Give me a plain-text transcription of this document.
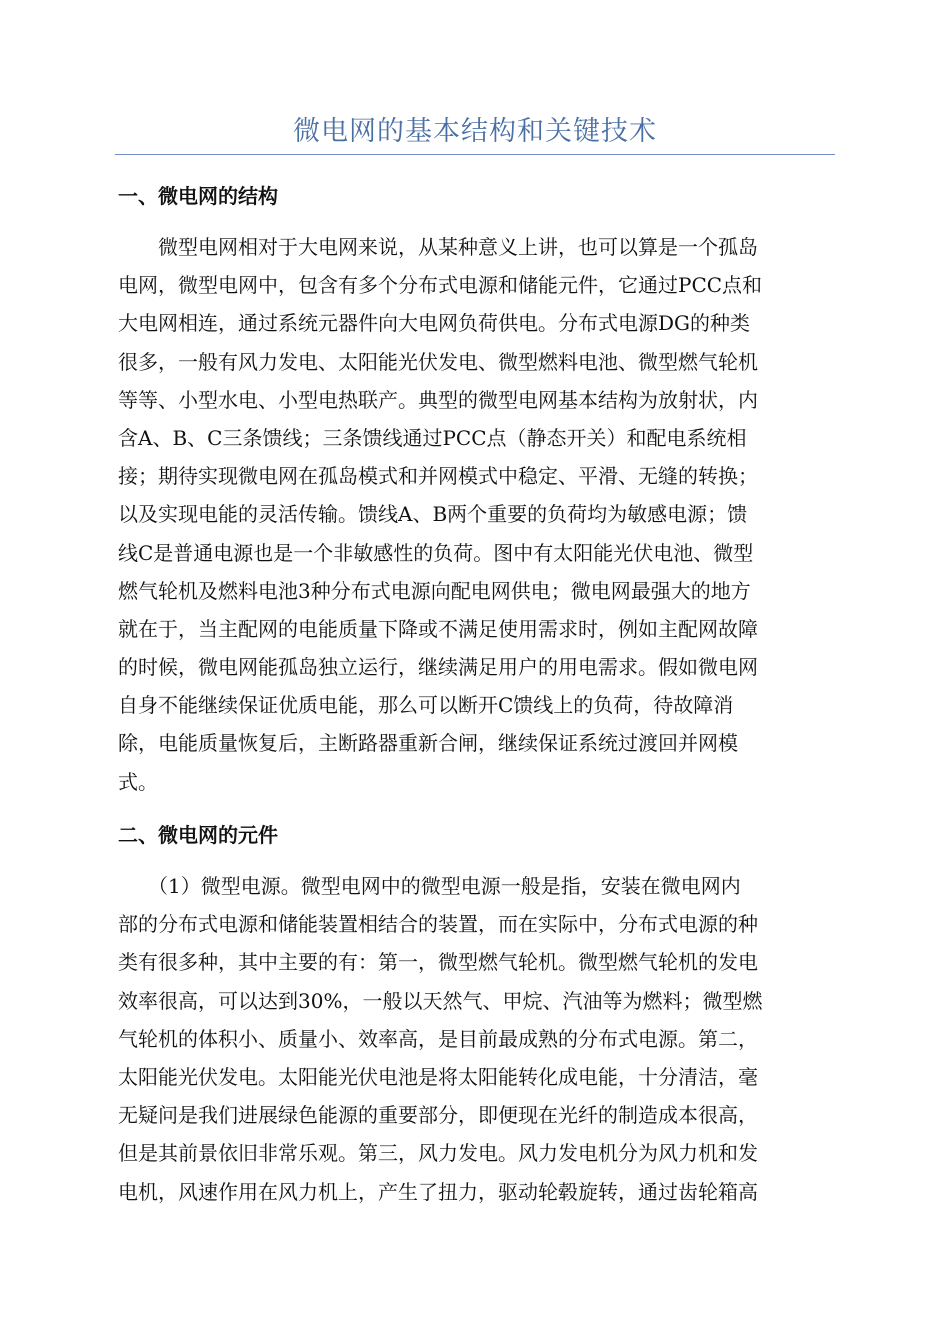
微电网的基本结构和关键技术
一、微电网的结构
　　微型电网相对于大电网来说，从某种意义上讲，也可以算是一个孤岛
电网，微型电网中，包含有多个分布式电源和储能元件，它通过PCC点和
大电网相连，通过系统元器件向大电网负荷供电。分布式电源DG的种类
很多，一般有风力发电、太阳能光伏发电、微型燃料电池、微型燃气轮机
等等、小型水电、小型电热联产。典型的微型电网基本结构为放射状，内
含A、B、C三条馈线；三条馈线通过PCC点（静态开关）和配电系统相
接；期待实现微电网在孤岛模式和并网模式中稳定、平滑、无缝的转换；
以及实现电能的灵活传输。馈线A、B两个重要的负荷均为敏感电源；馈
线C是普通电源也是一个非敏感性的负荷。图中有太阳能光伏电池、微型
燃气轮机及燃料电池3种分布式电源向配电网供电；微电网最强大的地方
就在于，当主配网的电能质量下降或不满足使用需求时，例如主配网故障
的时候，微电网能孤岛独立运行，继续满足用户的用电需求。假如微电网
自身不能继续保证优质电能，那么可以断开C馈线上的负荷，待故障消
除，电能质量恢复后，主断路器重新合闸，继续保证系统过渡回并网模
式。
二、微电网的元件
　　（1）微型电源。微型电网中的微型电源一般是指，安装在微电网内
部的分布式电源和储能装置相结合的装置，而在实际中，分布式电源的种
类有很多种，其中主要的有：第一，微型燃气轮机。微型燃气轮机的发电
效率很高，可以达到30%，一般以天然气、甲烷、汽油等为燃料；微型燃
气轮机的体积小、质量小、效率高，是目前最成熟的分布式电源。第二，
太阳能光伏发电。太阳能光伏电池是将太阳能转化成电能，十分清洁，毫
无疑问是我们进展绿色能源的重要部分，即便现在光纤的制造成本很高，
但是其前景依旧非常乐观。第三，风力发电。风力发电机分为风力机和发
电机，风速作用在风力机上，产生了扭力，驱动轮毂旋转，通过齿轮箱高
